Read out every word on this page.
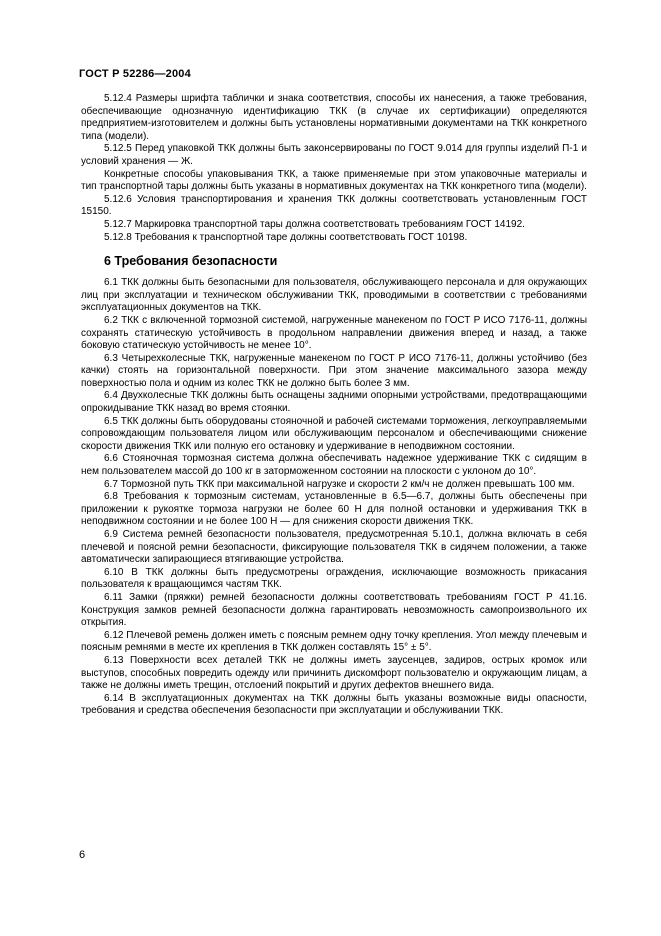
ГОСТ Р 52286—2004

5.12.4 Размеры шрифта таблички и знака соответствия, способы их нанесения, а также требования, обеспечивающие однозначную идентификацию ТКК (в случае их сертификации) определяются предприятием-изготовителем и должны быть установлены нормативными документами на ТКК конкретного типа (модели).

5.12.5 Перед упаковкой ТКК должны быть законсервированы по ГОСТ 9.014 для группы изделий П-1 и условий хранения — Ж.

Конкретные способы упаковывания ТКК, а также применяемые при этом упаковочные материалы и тип транспортной тары должны быть указаны в нормативных документах на ТКК конкретного типа (модели).

5.12.6 Условия транспортирования и хранения ТКК должны соответствовать установленным ГОСТ 15150.

5.12.7 Маркировка транспортной тары должна соответствовать требованиям ГОСТ 14192.

5.12.8 Требования к транспортной таре должны соответствовать ГОСТ 10198.

6 Требования безопасности

6.1 ТКК должны быть безопасными для пользователя, обслуживающего персонала и для окружающих лиц при эксплуатации и техническом обслуживании ТКК, проводимыми в соответствии с требованиями эксплуатационных документов на ТКК.

6.2 ТКК с включенной тормозной системой, нагруженные манекеном по ГОСТ Р ИСО 7176-11, должны сохранять статическую устойчивость в продольном направлении движения вперед и назад, а также боковую статическую устойчивость не менее 10°.

6.3 Четырехколесные ТКК, нагруженные манекеном по ГОСТ Р ИСО 7176-11, должны устойчиво (без качки) стоять на горизонтальной поверхности. При этом значение максимального зазора между поверхностью пола и одним из колес ТКК не должно быть более 3 мм.

6.4 Двухколесные ТКК должны быть оснащены задними опорными устройствами, предотвращающими опрокидывание ТКК назад во время стоянки.

6.5 ТКК должны быть оборудованы стояночной и рабочей системами торможения, легкоуправляемыми сопровождающим пользователя лицом или обслуживающим персоналом и обеспечивающими снижение скорости движения ТКК или полную его остановку и удерживание в неподвижном состоянии.

6.6 Стояночная тормозная система должна обеспечивать надежное удерживание ТКК с сидящим в нем пользователем массой до 100 кг в заторможенном состоянии на плоскости с уклоном до 10°.

6.7 Тормозной путь ТКК при максимальной нагрузке и скорости 2 км/ч не должен превышать 100 мм.

6.8 Требования к тормозным системам, установленные в 6.5—6.7, должны быть обеспечены при приложении к рукоятке тормоза нагрузки не более 60 Н для полной остановки и удерживания ТКК в неподвижном состоянии и не более 100 Н — для снижения скорости движения ТКК.

6.9 Система ремней безопасности пользователя, предусмотренная 5.10.1, должна включать в себя плечевой и поясной ремни безопасности, фиксирующие пользователя ТКК в сидячем положении, а также автоматически запирающиеся втягивающие устройства.

6.10 В ТКК должны быть предусмотрены ограждения, исключающие возможность прикасания пользователя к вращающимся частям ТКК.

6.11 Замки (пряжки) ремней безопасности должны соответствовать требованиям ГОСТ Р 41.16. Конструкция замков ремней безопасности должна гарантировать невозможность самопроизвольного их открытия.

6.12 Плечевой ремень должен иметь с поясным ремнем одну точку крепления. Угол между плечевым и поясным ремнями в месте их крепления в ТКК должен составлять 15° ± 5°.

6.13 Поверхности всех деталей ТКК не должны иметь заусенцев, задиров, острых кромок или выступов, способных повредить одежду или причинить дискомфорт пользователю и окружающим лицам, а также не должны иметь трещин, отслоений покрытий и других дефектов внешнего вида.

6.14 В эксплуатационных документах на ТКК должны быть указаны возможные виды опасности, требования и средства обеспечения безопасности при эксплуатации и обслуживании ТКК.

6
